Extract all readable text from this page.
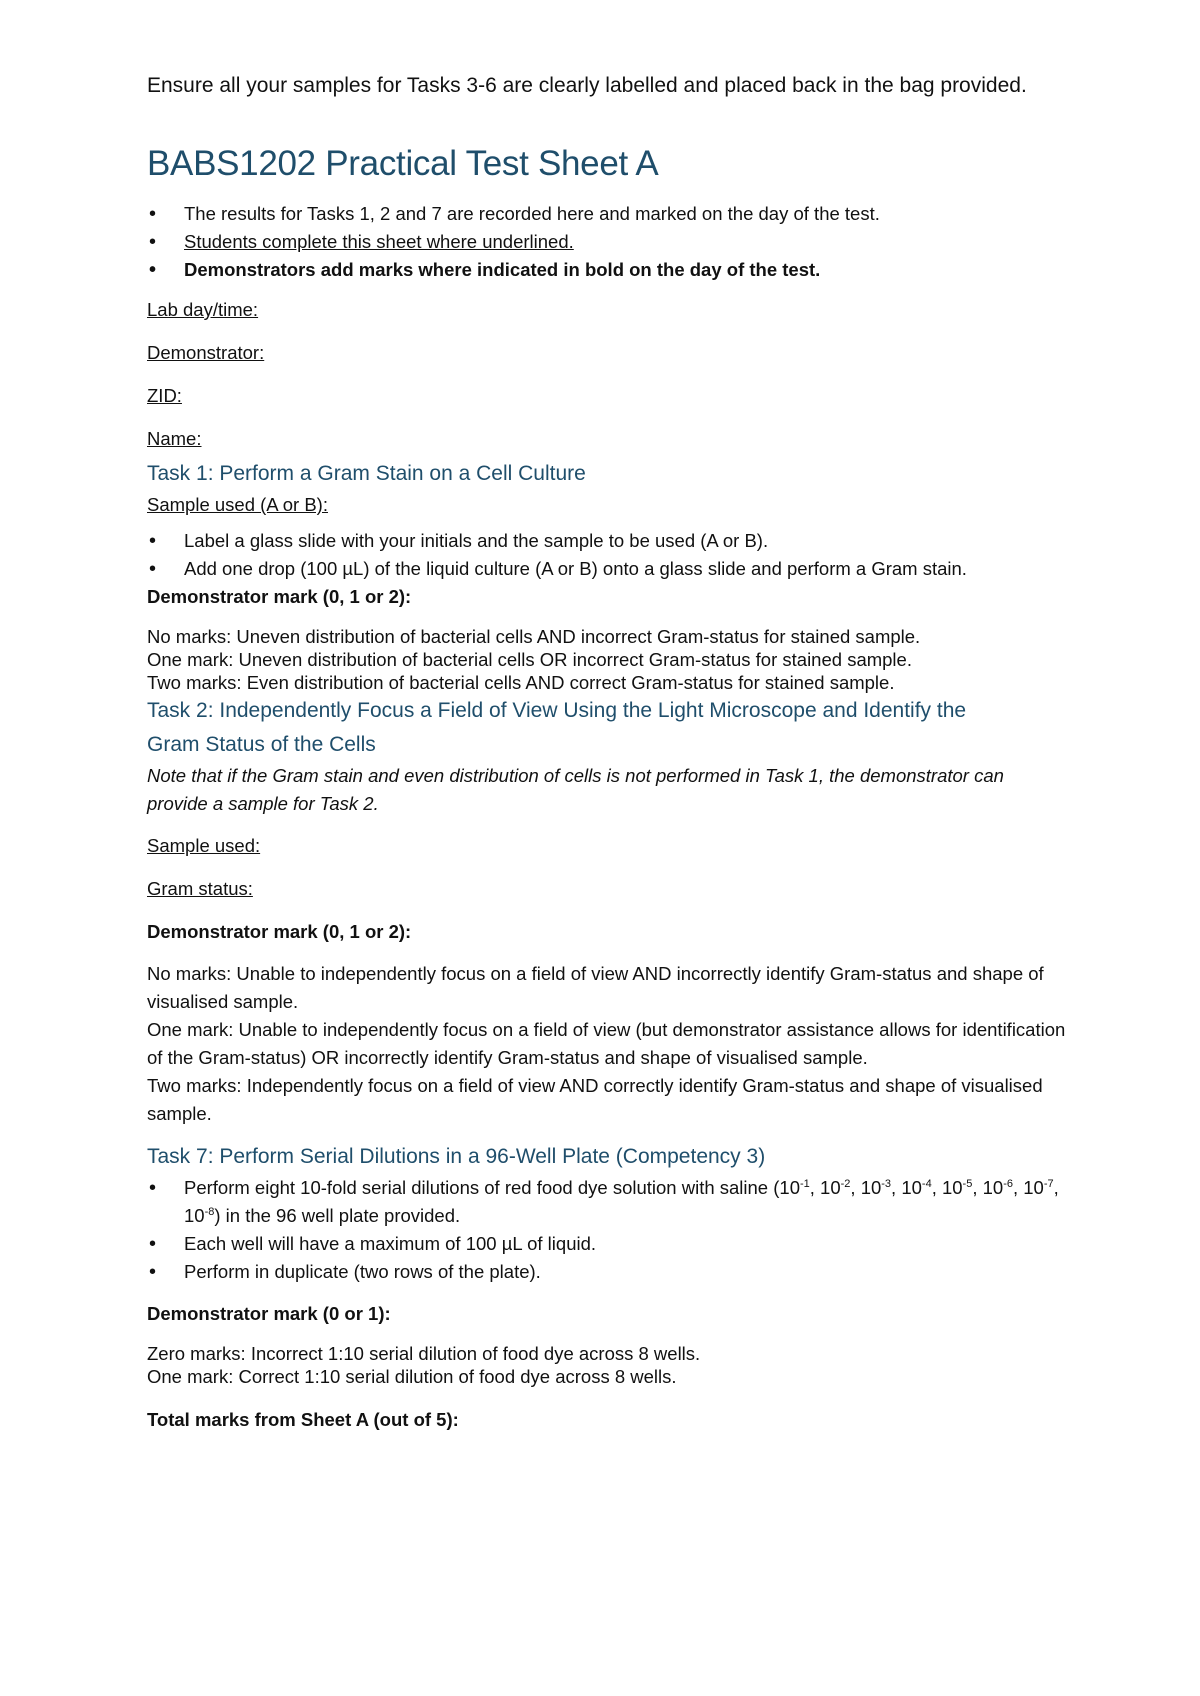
Ensure all your samples for Tasks 3-6 are clearly labelled and placed back in the bag provided.

BABS1202 Practical Test Sheet A
• The results for Tasks 1, 2 and 7 are recorded here and marked on the day of the test.
• Students complete this sheet where underlined.
• Demonstrators add marks where indicated in bold on the day of the test.

Lab day/time:

Demonstrator:

ZID:

Name:

Task 1: Perform a Gram Stain on a Cell Culture

Sample used (A or B):

• Label a glass slide with your initials and the sample to be used (A or B).
• Add one drop (100 µL) of the liquid culture (A or B) onto a glass slide and perform a Gram stain.

Demonstrator mark (0, 1 or 2):

No marks: Uneven distribution of bacterial cells AND incorrect Gram-status for stained sample.

One mark: Uneven distribution of bacterial cells OR incorrect Gram-status for stained sample.

Two marks: Even distribution of bacterial cells AND correct Gram-status for stained sample.

Task 2: Independently Focus a Field of View Using the Light Microscope and Identify the
Gram Status of the Cells

Note that if the Gram stain and even distribution of cells is not performed in Task 1, the demonstrator can provide a sample for Task 2.

Sample used:

Gram status:

Demonstrator mark (0, 1 or 2):

No marks: Unable to independently focus on a field of view AND incorrectly identify Gram-status and shape of visualised sample.

One mark: Unable to independently focus on a field of view (but demonstrator assistance allows for identification of the Gram-status) OR incorrectly identify Gram-status and shape of visualised sample.

Two marks: Independently focus on a field of view AND correctly identify Gram-status and shape of visualised sample.

Task 7: Perform Serial Dilutions in a 96-Well Plate (Competency 3)
• Perform eight 10-fold serial dilutions of red food dye solution with saline ($10^{-1}$, $10^{-2}$, $10^{-3}$, $10^{-4}$, $10^{-5}$, $10^{-6}$, $10^{-7}$, $10^{-8}$) in the 96 well plate provided.
• Each well will have a maximum of 100 µL of liquid.
• Perform in duplicate (two rows of the plate).

Demonstrator mark (0 or 1):

Zero marks: Incorrect 1:10 serial dilution of food dye across 8 wells.

One mark: Correct 1:10 serial dilution of food dye across 8 wells.

Total marks from Sheet A (out of 5):
